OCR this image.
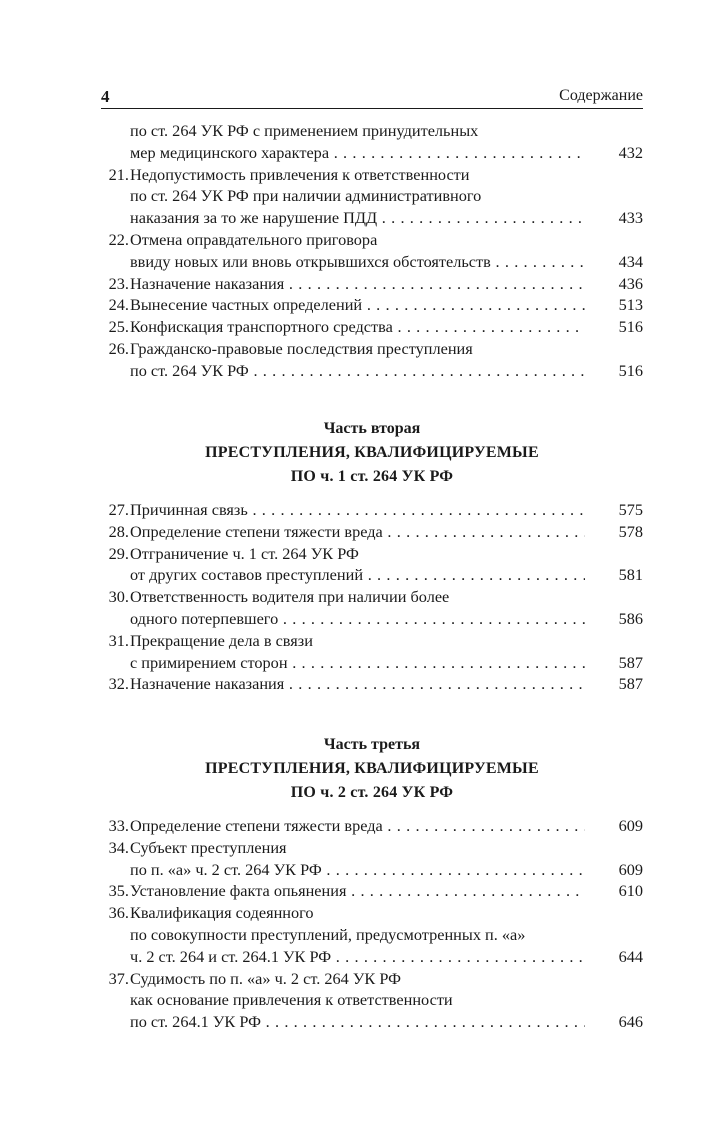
4	Содержание
по ст. 264 УК РФ с применением принудительных
мер медицинского характера . . .	432
21. Недопустимость привлечения к ответственности
по ст. 264 УК РФ при наличии административного
наказания за то же нарушение ПДД . . .	433
22. Отмена оправдательного приговора
ввиду новых или вновь открывшихся обстоятельств . . .	434
23. Назначение наказания . . .	436
24. Вынесение частных определений . . .	513
25. Конфискация транспортного средства . . .	516
26. Гражданско-правовые последствия преступления
по ст. 264 УК РФ . . .	516
Часть вторая
ПРЕСТУПЛЕНИЯ, КВАЛИФИЦИРУЕМЫЕ
ПО ч. 1 ст. 264 УК РФ
27. Причинная связь . . .	575
28. Определение степени тяжести вреда . . .	578
29. Отграничение ч. 1 ст. 264 УК РФ
от других составов преступлений . . .	581
30. Ответственность водителя при наличии более
одного потерпевшего . . .	586
31. Прекращение дела в связи
с примирением сторон . . .	587
32. Назначение наказания . . .	587
Часть третья
ПРЕСТУПЛЕНИЯ, КВАЛИФИЦИРУЕМЫЕ
ПО ч. 2 ст. 264 УК РФ
33. Определение степени тяжести вреда . . .	609
34. Субъект преступления
по п. «а» ч. 2 ст. 264 УК РФ . . .	609
35. Установление факта опьянения . . .	610
36. Квалификация содеянного
по совокупности преступлений, предусмотренных п. «а»
ч. 2 ст. 264 и ст. 264.1 УК РФ . . .	644
37. Судимость по п. «а» ч. 2 ст. 264 УК РФ
как основание привлечения к ответственности
по ст. 264.1 УК РФ . . .	646
